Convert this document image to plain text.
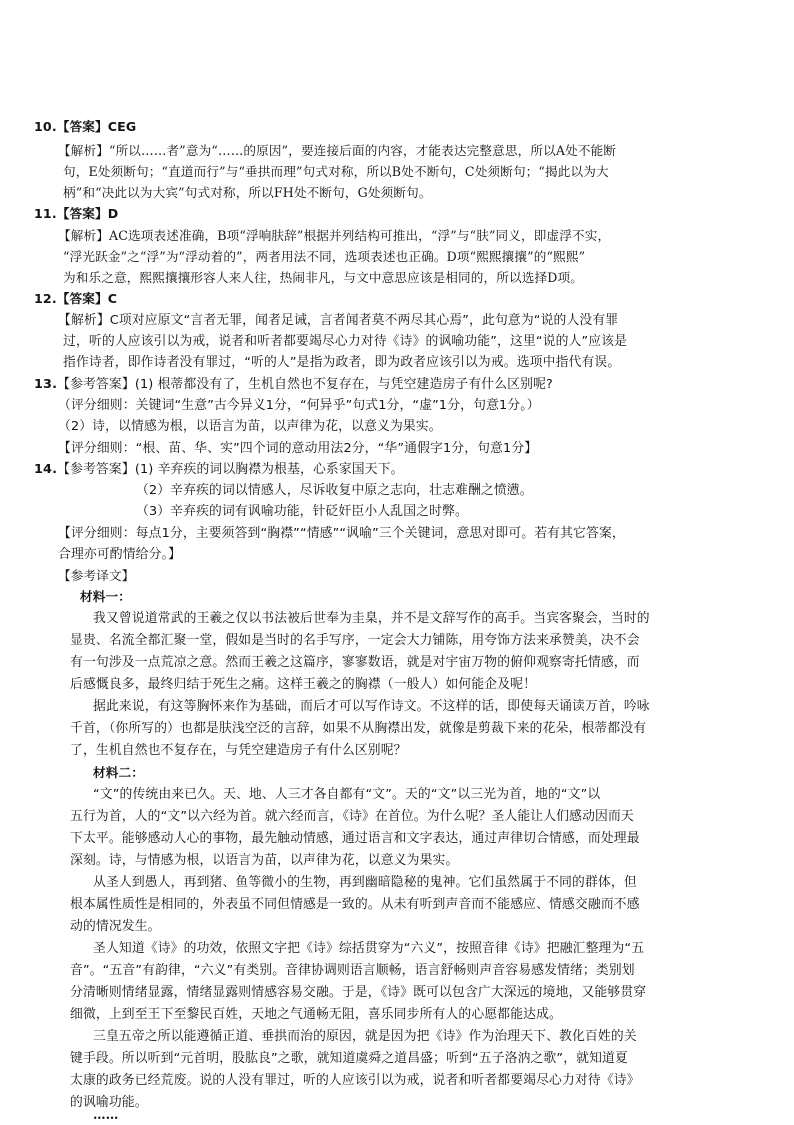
10.【答案】CEG
【解析】“所以……者”意为“……的原因”，要连接后面的内容，才能表达完整意思，所以A处不能断
句，E处须断句；“直道而行”与“垂拱而理”句式对称，所以B处不断句，C处须断句；“揭此以为大
柄”和“决此以为大宾”句式对称，所以FH处不断句，G处须断句。
11.【答案】D
【解析】AC选项表述准确，B项“浮响肤辞”根据并列结构可推出，“浮”与“肤”同义，即虚浮不实，
“浮光跃金”之“浮”为“浮动着的”，两者用法不同，选项表述也正确。D项“熙熙攘攘”的“熙熙”
为和乐之意，熙熙攘攘形容人来人往，热闹非凡，与文中意思应该是相同的，所以选择D项。
12.【答案】C
【解析】C项对应原文“言者无罪，闻者足诫，言者闻者莫不两尽其心焉”，此句意为“说的人没有罪
过，听的人应该引以为戒，说者和听者都要竭尽心力对待《诗》的讽喻功能”，这里“说的人”应该是
指作诗者，即作诗者没有罪过，“听的人”是指为政者，即为政者应该引以为戒。选项中指代有误。
13.【参考答案】(1) 根蒂都没有了，生机自然也不复存在，与凭空建造房子有什么区别呢?
（评分细则：关键词“生意”古今异义1分，“何异乎”句式1分，“虚”1分，句意1分。）
（2）诗，以情感为根，以语言为苗，以声律为花，以意义为果实。
【评分细则：“根、苗、华、实”四个词的意动用法2分，“华”通假字1分，句意1分】
14.【参考答案】(1) 辛弃疾的词以胸襟为根基，心系家国天下。
（2）辛弃疾的词以情感人，尽诉收复中原之志向，壮志难酬之愤懑。
（3）辛弃疾的词有讽喻功能，针砭奸臣小人乱国之时弊。
【评分细则：每点1分，主要须答到“胸襟”“情感”“讽喻”三个关键词，意思对即可。若有其它答案，
合理亦可酌情给分。】
【参考译文】
材料一：
我又曾说道常武的王羲之仅以书法被后世奉为圭臬，并不是文辞写作的高手。当宾客聚会，当时的
显贵、名流全都汇聚一堂，假如是当时的名手写序，一定会大力铺陈，用夸饰方法来承赞美，决不会
有一句涉及一点荒凉之意。然而王羲之这篇序，寥寥数语，就是对宇宙万物的俯仰观察寄托情感，而
后感慨良多，最终归结于死生之痛。这样王羲之的胸襟（一般人）如何能企及呢！
据此来说，有这等胸怀来作为基础，而后才可以写作诗文。不这样的话，即使每天诵读万首，吟咏
千首，（你所写的）也都是肤浅空泛的言辞，如果不从胸襟出发，就像是剪裁下来的花朵，根蒂都没有
了，生机自然也不复存在，与凭空建造房子有什么区别呢？
材料二：
“文”的传统由来已久。天、地、人三才各自都有“文”。天的“文”以三光为首，地的“文”以
五行为首，人的“文”以六经为首。就六经而言，《诗》在首位。为什么呢？圣人能让人们感动因而天
下太平。能够感动人心的事物，最先触动情感，通过语言和文字表达，通过声律切合情感，而处理最
深刻。诗，与情感为根，以语言为苗，以声律为花，以意义为果实。
从圣人到愚人，再到猪、鱼等微小的生物，再到幽暗隐秘的鬼神。它们虽然属于不同的群体，但
根本属性质性是相同的，外表虽不同但情感是一致的。从未有听到声音而不能感应、情感交融而不感
动的情况发生。
圣人知道《诗》的功效，依照文字把《诗》综括贯穿为“六义”，按照音律《诗》把融汇整理为“五
音”。“五音”有韵律，“六义”有类别。音律协调则语言顺畅，语言舒畅则声音容易感发情绪；类别划
分清晰则情绪显露，情绪显露则情感容易交融。于是，《诗》既可以包含广大深远的境地，又能够贯穿
细微，上到至王下至黎民百姓，天地之气通畅无阻，喜乐同步所有人的心愿都能达成。
三皇五帝之所以能遵循正道、垂拱而治的原因，就是因为把《诗》作为治理天下、教化百姓的关
键手段。所以听到“元首明，股肱良”之歌，就知道虞舜之道昌盛；听到“五子洛汭之歌”，就知道夏
太康的政务已经荒废。说的人没有罪过，听的人应该引以为戒，说者和听者都要竭尽心力对待《诗》
的讽喻功能。
……
